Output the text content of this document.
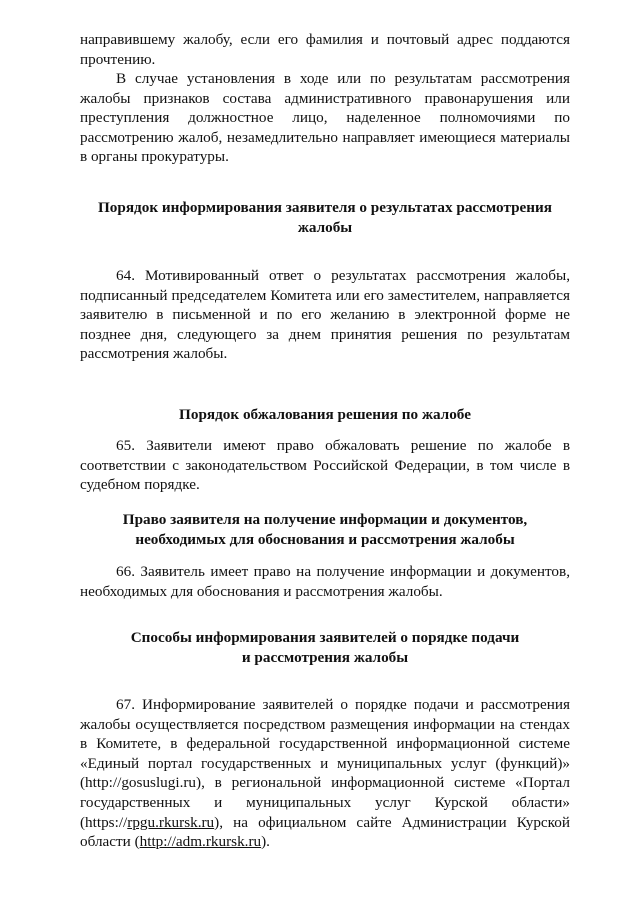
направившему жалобу, если его фамилия и почтовый адрес поддаются прочтению.

В случае установления в ходе или по результатам рассмотрения жалобы признаков состава административного правонарушения или преступления должностное лицо, наделенное полномочиями по рассмотрению жалоб, незамедлительно направляет имеющиеся материалы в органы прокуратуры.

Порядок информирования заявителя о результатах рассмотрения жалобы

64. Мотивированный ответ о результатах рассмотрения жалобы, подписанный председателем Комитета или его заместителем, направляется заявителю в письменной и по его желанию в электронной форме не позднее дня, следующего за днем принятия решения по результатам рассмотрения жалобы.

Порядок обжалования решения по жалобе

65. Заявители имеют право обжаловать решение по жалобе в соответствии с законодательством Российской Федерации, в том числе в судебном порядке.

Право заявителя на получение информации и документов, необходимых для обоснования и рассмотрения жалобы

66. Заявитель имеет право на получение информации и документов, необходимых для обоснования и рассмотрения жалобы.

Способы информирования заявителей о порядке подачи и рассмотрения жалобы

67. Информирование заявителей о порядке подачи и рассмотрения жалобы осуществляется посредством размещения информации на стендах в Комитете, в федеральной государственной информационной системе «Единый портал государственных и муниципальных услуг (функций)» (http://gosuslugi.ru), в региональной информационной системе «Портал государственных и муниципальных услуг Курской области» (https://rpgu.rkursk.ru), на официальном сайте Администрации Курской области (http://adm.rkursk.ru).
